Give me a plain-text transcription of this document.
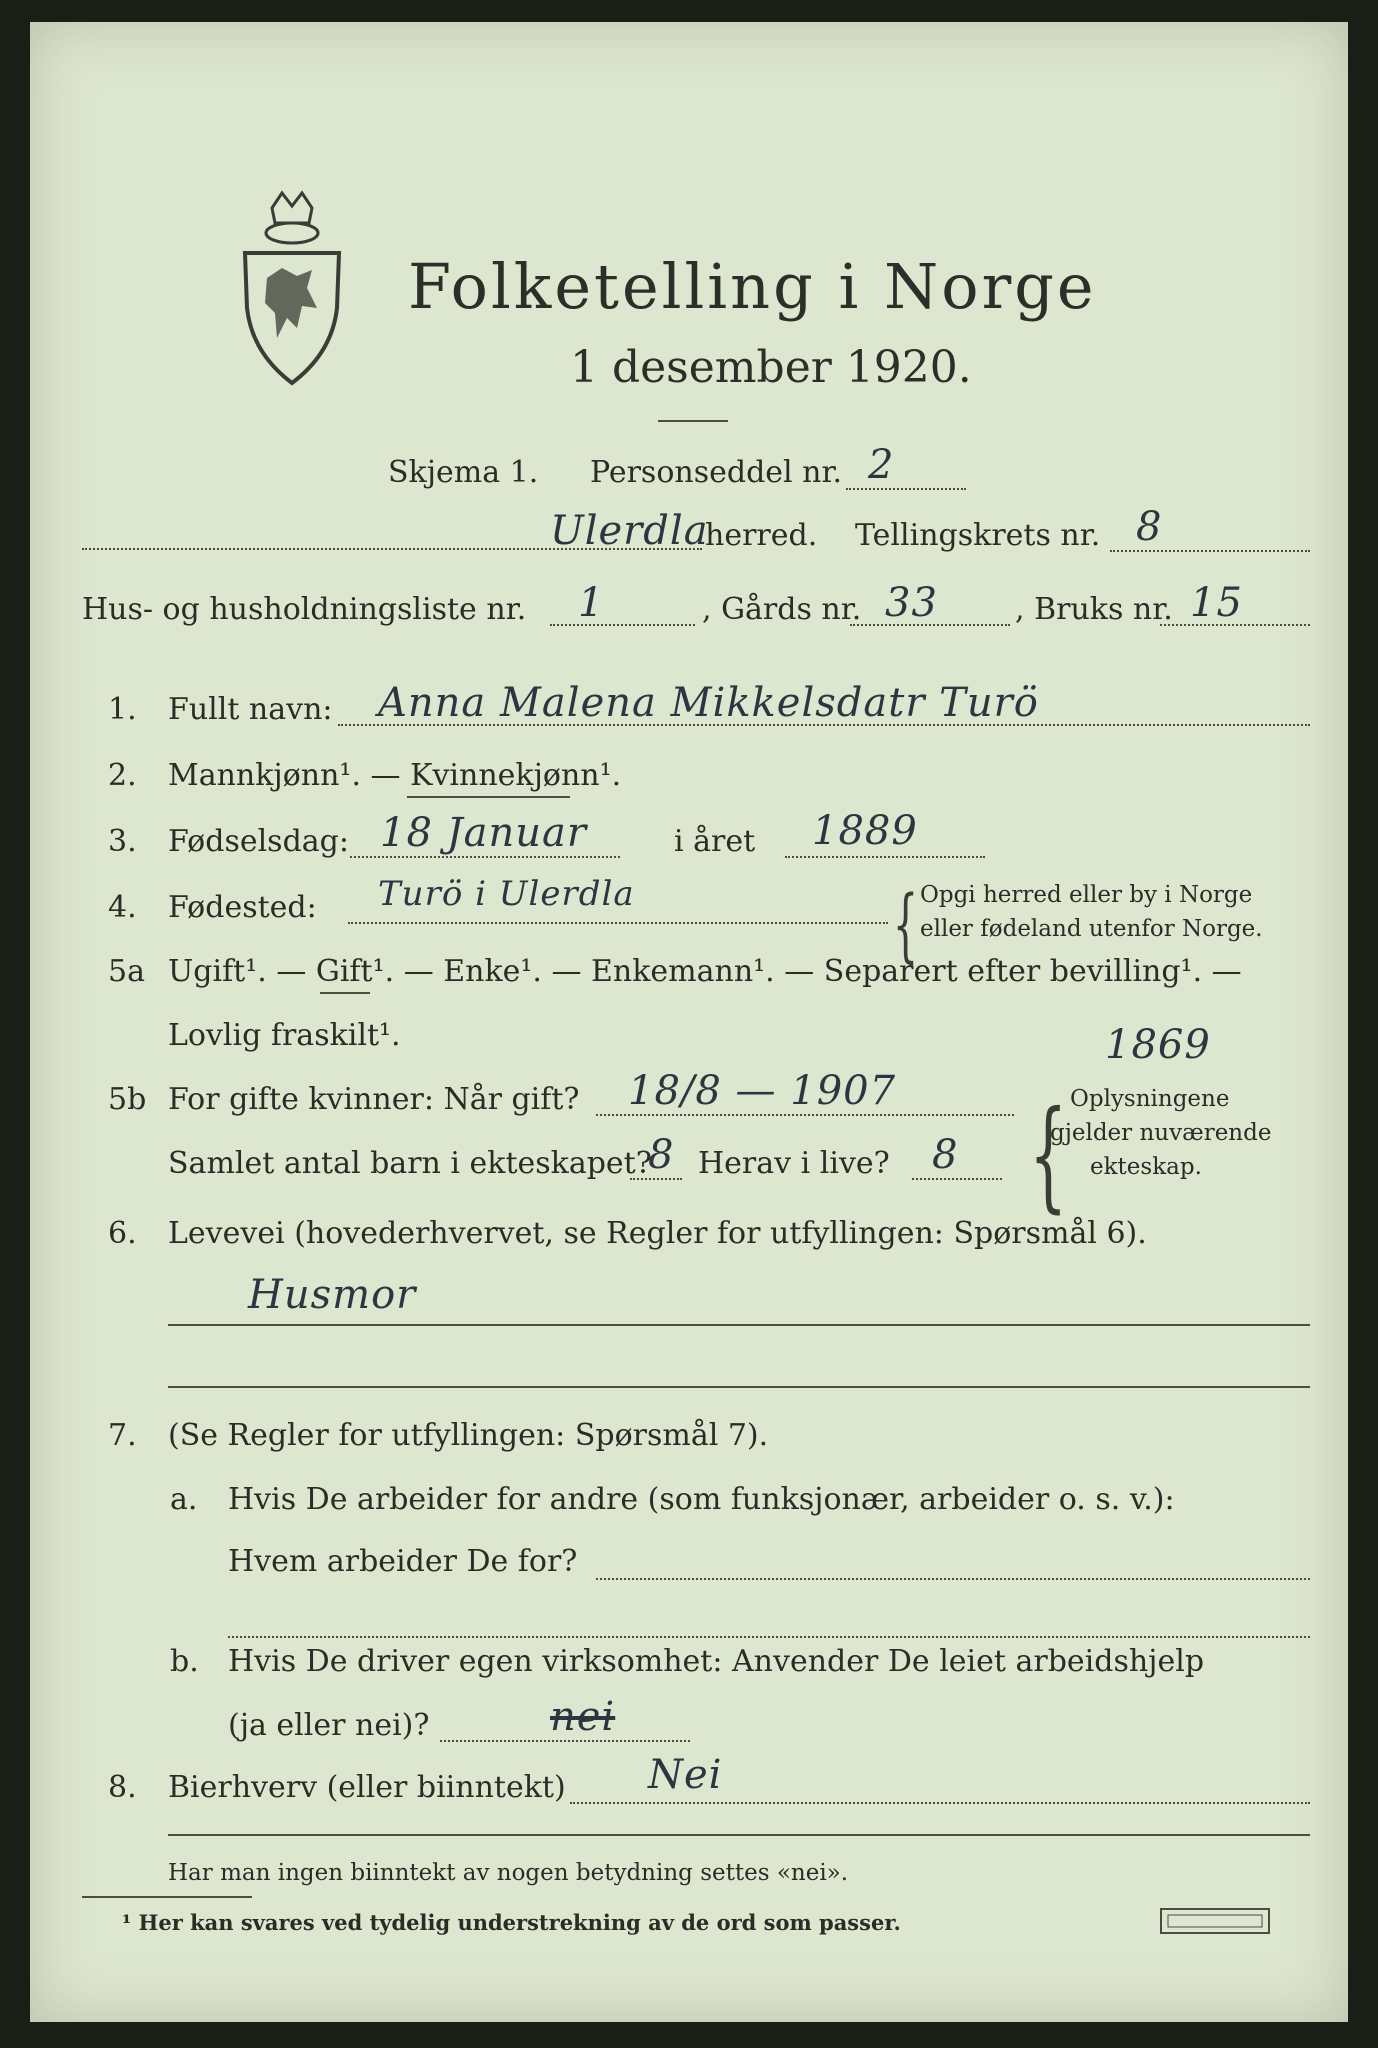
Folketelling i Norge
1 desember 1920.
Skjema 1. Personseddel nr. 2
Ulerdla
herred. Tellingskrets nr. 8
Hus- og husholdningsliste nr. 1	, Gårds nr. 33	, Bruks nr. 15
1. Fullt navn: Anna Malena Mikkelsdatr Turö
2. Mannkjønn¹. — Kvinnekjønn¹.
3. Fødselsdag: 18 Januar	i året 1889
4. Fødested: Turö i Ulerdla	{ Opgi herred eller by i Norge
eller fødeland utenfor Norge.
5a Ugift¹. — Gift¹. — Enke¹. — Enkemann¹. — Separert efter bevilling¹. —
Lovlig fraskilt¹.	1869
5b For gifte kvinner: Når gift? 18/8 — 1907 { Oplysningene
gjelder nuværende
ekteskap.
Samlet antal barn i ekteskapet?
8 Herav i live? 8
6. Levevei (hovederhvervet, se Regler for utfyllingen: Spørsmål 6).
Husmor
7. (Se Regler for utfyllingen: Spørsmål 7).
a. Hvis De arbeider for andre (som funksjonær, arbeider o. s. v.):
Hvem arbeider De for?
b. Hvis De driver egen virksomhet: Anvender De leiet arbeidshjelp
(ja eller nei)?	nei
8. Bierhverv (eller biinntekt) Nei
Har man ingen biinntekt av nogen betydning settes «nei».
¹ Her kan svares ved tydelig understrekning av de ord som passer.
